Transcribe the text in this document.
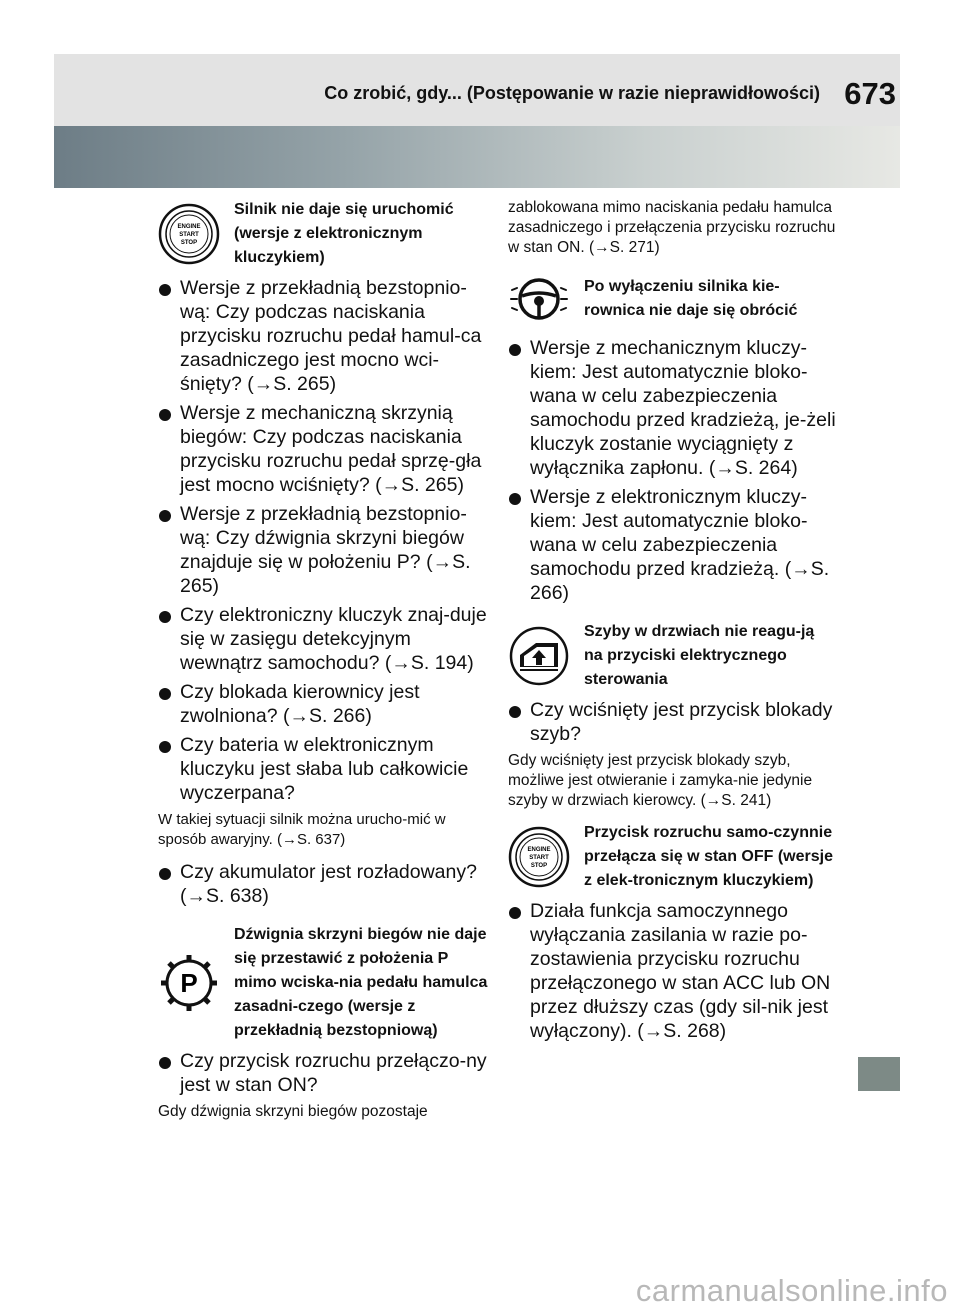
Co zrobić, gdy... (Postępowanie w razie nieprawidłowości) 673
ENGINE
START
STOP
Silnik nie daje się uruchomić (wersje z elektronicznym kluczykiem)
Wersje z przekładnią bezstopnio-wą: Czy podczas naciskania przycisku rozruchu pedał hamul-ca zasadniczego jest mocno wci-śnięty? (→S. 265)
Wersje z mechaniczną skrzynią biegów: Czy podczas naciskania przycisku rozruchu pedał sprzę-gła jest mocno wciśnięty? (→S. 265)
Wersje z przekładnią bezstopnio-wą: Czy dźwignia skrzyni biegów znajduje się w położeniu P? (→S. 265)
Czy elektroniczny kluczyk znaj-duje się w zasięgu detekcyjnym wewnątrz samochodu? (→S. 194)
Czy blokada kierownicy jest zwolniona? (→S. 266)
Czy bateria w elektronicznym kluczyku jest słaba lub całkowicie wyczerpana?

W takiej sytuacji silnik można urucho-mić w sposób awaryjny. (→S. 637)

Czy akumulator jest rozładowany? (→S. 638)
P
Dźwignia skrzyni biegów nie daje się przestawić z położenia P mimo wciska-nia pedału hamulca zasadni-czego (wersje z przekładnią bezstopniową)
Czy przycisk rozruchu przełączo-ny jest w stan ON?

Gdy dźwignia skrzyni biegów pozostaje

zablokowana mimo naciskania pedału hamulca zasadniczego i przełączenia przycisku rozruchu w stan ON. (→S. 271)

Po wyłączeniu silnika kie-rownica nie daje się obrócić
Wersje z mechanicznym kluczy-kiem: Jest automatycznie bloko-wana w celu zabezpieczenia samochodu przed kradzieżą, je-żeli kluczyk zostanie wyciągnięty z wyłącznika zapłonu. (→S. 264)
Wersje z elektronicznym kluczy-kiem: Jest automatycznie bloko-wana w celu zabezpieczenia samochodu przed kradzieżą. (→S. 266)
Szyby w drzwiach nie reagu-ją na przyciski elektrycznego sterowania
Czy wciśnięty jest przycisk blokady szyb?

Gdy wciśnięty jest przycisk blokady szyb, możliwe jest otwieranie i zamyka-nie jedynie szyby w drzwiach kierowcy. (→S. 241)

ENGINE
START
STOP
Przycisk rozruchu samo-czynnie przełącza się w stan OFF (wersje z elek-tronicznym kluczykiem)
Działa funkcja samoczynnego wyłączania zasilania w razie po-zostawienia przycisku rozruchu przełączonego w stan ACC lub ON przez dłuższy czas (gdy sil-nik jest wyłączony). (→S. 268)
carmanualsonline.info
